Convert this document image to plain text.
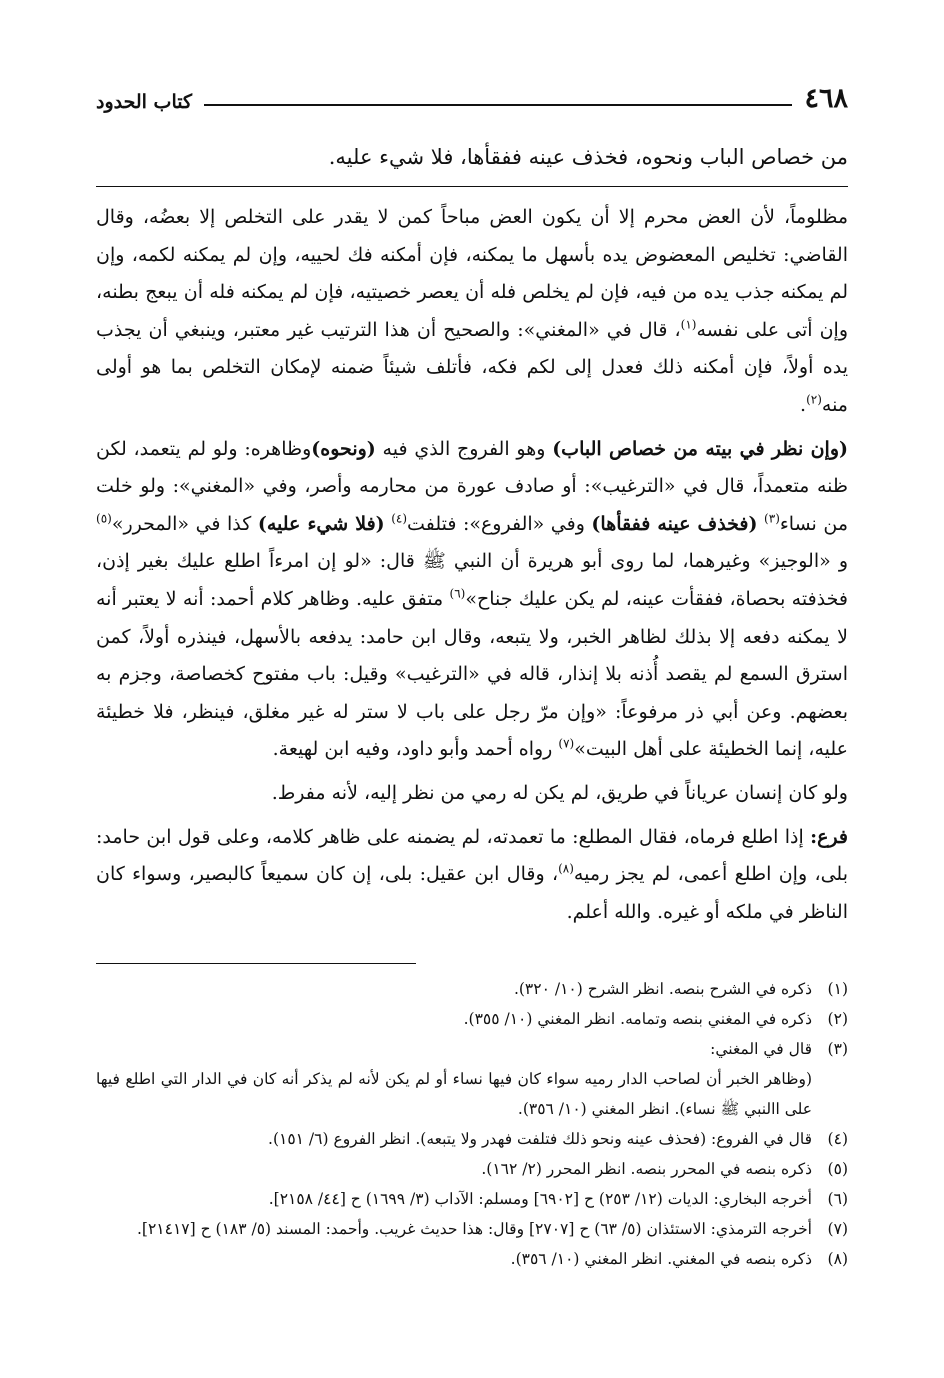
٤٦٨
كتاب الحدود
من خصاص الباب ونحوه، فخذف عينه ففقأها، فلا شيء عليه.

مظلوماً، لأن العض محرم إلا أن يكون العض مباحاً كمن لا يقدر على التخلص إلا بعضُه، وقال القاضي: تخليص المعضوض يده بأسهل ما يمكنه، فإن أمكنه فك لحييه، وإن لم يمكنه لكمه، وإن لم يمكنه جذب يده من فيه، فإن لم يخلص فله أن يعصر خصيتيه، فإن لم يمكنه فله أن يبعج بطنه، وإن أتى على نفسه$^{(١)}$، قال في «المغني»: والصحيح أن هذا الترتيب غير معتبر، وينبغي أن يجذب يده أولاً، فإن أمكنه ذلك فعدل إلى لكم فكه، فأتلف شيئاً ضمنه لإمكان التخلص بما هو أولى منه$^{(٢)}$.

(وإن نظر في بيته من خصاص الباب) وهو الفروج الذي فيه (ونحوه)وظاهره: ولو لم يتعمد، لكن ظنه متعمداً، قال في «الترغيب»: أو صادف عورة من محارمه وأصر، وفي «المغني»: ولو خلت من نساء$^{(٣)}$ (فخذف عينه ففقأها) وفي «الفروع»: فتلفت$^{(٤)}$ (فلا شيء عليه) كذا في «المحرر»$^{(٥)}$ و «الوجيز» وغيرهما، لما روى أبو هريرة أن النبي ﷺ قال: «لو إن امرءاً اطلع عليك بغير إذن، فخذفته بحصاة، ففقأت عينه، لم يكن عليك جناح»$^{(٦)}$ متفق عليه. وظاهر كلام أحمد: أنه لا يعتبر أنه لا يمكنه دفعه إلا بذلك لظاهر الخبر، ولا يتبعه، وقال ابن حامد: يدفعه بالأسهل، فينذره أولاً، كمن استرق السمع لم يقصد أُذنه بلا إنذار، قاله في «الترغيب» وقيل: باب مفتوح كخصاصة، وجزم به بعضهم. وعن أبي ذر مرفوعاً: «وإن مرّ رجل على باب لا ستر له غير مغلق، فينظر، فلا خطيئة عليه، إنما الخطيئة على أهل البيت»$^{(٧)}$ رواه أحمد وأبو داود، وفيه ابن لهيعة.

ولو كان إنسان عرياناً في طريق، لم يكن له رمي من نظر إليه، لأنه مفرط.

فرع: إذا اطلع فرماه، فقال المطلع: ما تعمدته، لم يضمنه على ظاهر كلامه، وعلى قول ابن حامد: بلى، وإن اطلع أعمى، لم يجز رميه$^{(٨)}$، وقال ابن عقيل: بلى، إن كان سميعاً كالبصير، وسواء كان الناظر في ملكه أو غيره. والله أعلم.

(١)
ذكره في الشرح بنصه. انظر الشرح (١٠/ ٣٢٠).
(٢)
ذكره في المغني بنصه وتمامه. انظر المغني (١٠/ ٣٥٥).
(٣)
قال في المغني:
(وظاهر الخبر أن لصاحب الدار رميه سواء كان فيها نساء أو لم يكن لأنه لم يذكر أنه كان في الدار التي اطلع فيها على االنبي ﷺ نساء). انظر المغني (١٠/ ٣٥٦).
(٤)
قال في الفروع: (فحذف عينه ونحو ذلك فتلفت فهدر ولا يتبعه). انظر الفروع (٦/ ١٥١).
(٥)
ذكره بنصه في المحرر بنصه. انظر المحرر (٢/ ١٦٢).
(٦)
أخرجه البخاري: الديات (١٢/ ٢٥٣) ح [٦٩٠٢] ومسلم: الآداب (٣/ ١٦٩٩) ح [٤٤/ ٢١٥٨].
(٧)
أخرجه الترمذي: الاستئذان (٥/ ٦٣) ح [٢٧٠٧] وقال: هذا حديث غريب. وأحمد: المسند (٥/ ١٨٣) ح [٢١٤١٧].
(٨)
ذكره بنصه في المغني. انظر المغني (١٠/ ٣٥٦).
